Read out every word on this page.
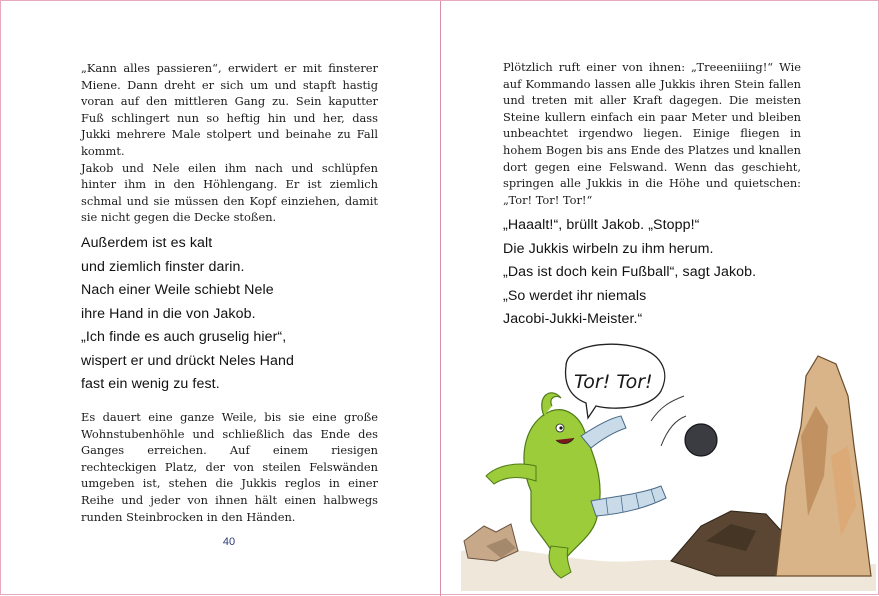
„Kann alles passieren“, erwidert er mit finsterer Miene. Dann dreht er sich um und stapft hastig voran auf den mittleren Gang zu. Sein kaputter Fuß schlingert nun so heftig hin und her, dass Jukki mehrere Male stolpert und beinahe zu Fall kommt.

Jakob und Nele eilen ihm nach und schlüpfen hinter ihm in den Höhlengang. Er ist ziemlich schmal und sie müssen den Kopf einziehen, damit sie nicht gegen die Decke stoßen.

Außerdem ist es kalt

und ziemlich finster darin.

Nach einer Weile schiebt Nele

ihre Hand in die von Jakob.

„Ich finde es auch gruselig hier“,

wispert er und drückt Neles Hand

fast ein wenig zu fest.

Es dauert eine ganze Weile, bis sie eine große Wohnstubenhöhle und schließlich das Ende des Ganges erreichen. Auf einem riesigen rechteckigen Platz, der von steilen Felswänden umgeben ist, stehen die Jukkis reglos in einer Reihe und jeder von ihnen hält einen halbwegs runden Steinbrocken in den Händen.

40

Plötzlich ruft einer von ihnen: „Treeeniiing!“ Wie auf Kommando lassen alle Jukkis ihren Stein fallen und treten mit aller Kraft dagegen. Die meisten Steine kullern einfach ein paar Meter und bleiben unbeachtet irgendwo liegen. Einige fliegen in hohem Bogen bis ans Ende des Platzes und knallen dort gegen eine Felswand. Wenn das geschieht, springen alle Jukkis in die Höhe und quietschen: „Tor! Tor! Tor!“

„Haaalt!“, brüllt Jakob. „Stopp!“

Die Jukkis wirbeln zu ihm herum.

„Das ist doch kein Fußball“, sagt Jakob.

„So werdet ihr niemals

Jacobi-Jukki-Meister.“

Tor! Tor!
